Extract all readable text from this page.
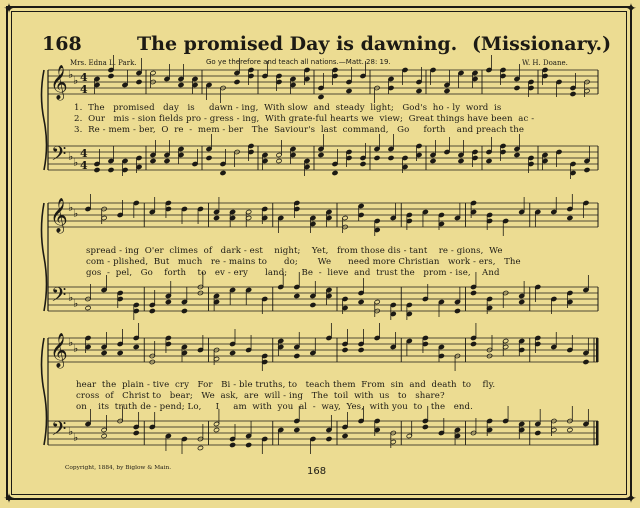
✦	✦
✦	✦
168	The promised Day is dawning. (Missionary.)
Mrs. Edna L. Park.	Go ye therefore and teach all nations.—Matt. 28: 19.	W. H. Doane.
𝄞
𝄢
♭ ♭
♭ ♭
4
4
4
4
𝄞
𝄢
♭ ♭
♭ ♭
𝄞
𝄢
♭ ♭
♭ ♭
1.  The   promised   day   is     dawn - ing,  With slow  and  steady  light;   God's  ho - ly  word  is
2.  Our   mis - sion fields pro - gress - ing,  With grate-ful hearts we  view;  Great things have been  ac -
3.  Re - mem - ber,  O  re  -  mem - ber   The  Saviour's  last  command,   Go     forth    and preach the
spread - ing  O'er  climes  of   dark - est    night;    Yet,   from those dis - tant    re - gions,  We
com - plished,  But   much   re - mains to      do;       We      need more Christian   work - ers,   The
gos  -  pel,   Go    forth    to   ev - ery      land;     Be  -  lieve  and  trust the   prom - ise,    And
hear  the  plain - tive  cry   For   Bi - ble truths, to   teach them  From  sin  and  death  to    fly.
cross  of   Christ to   bear;   We  ask,  are  will - ing   The  toil  with  us   to   share?
on    its  truth de - pend; Lo,     I     am  with  you  al  -  way,  Yes,  with you  to   the   end.
Copyright, 1884, by Biglow & Main.	168
